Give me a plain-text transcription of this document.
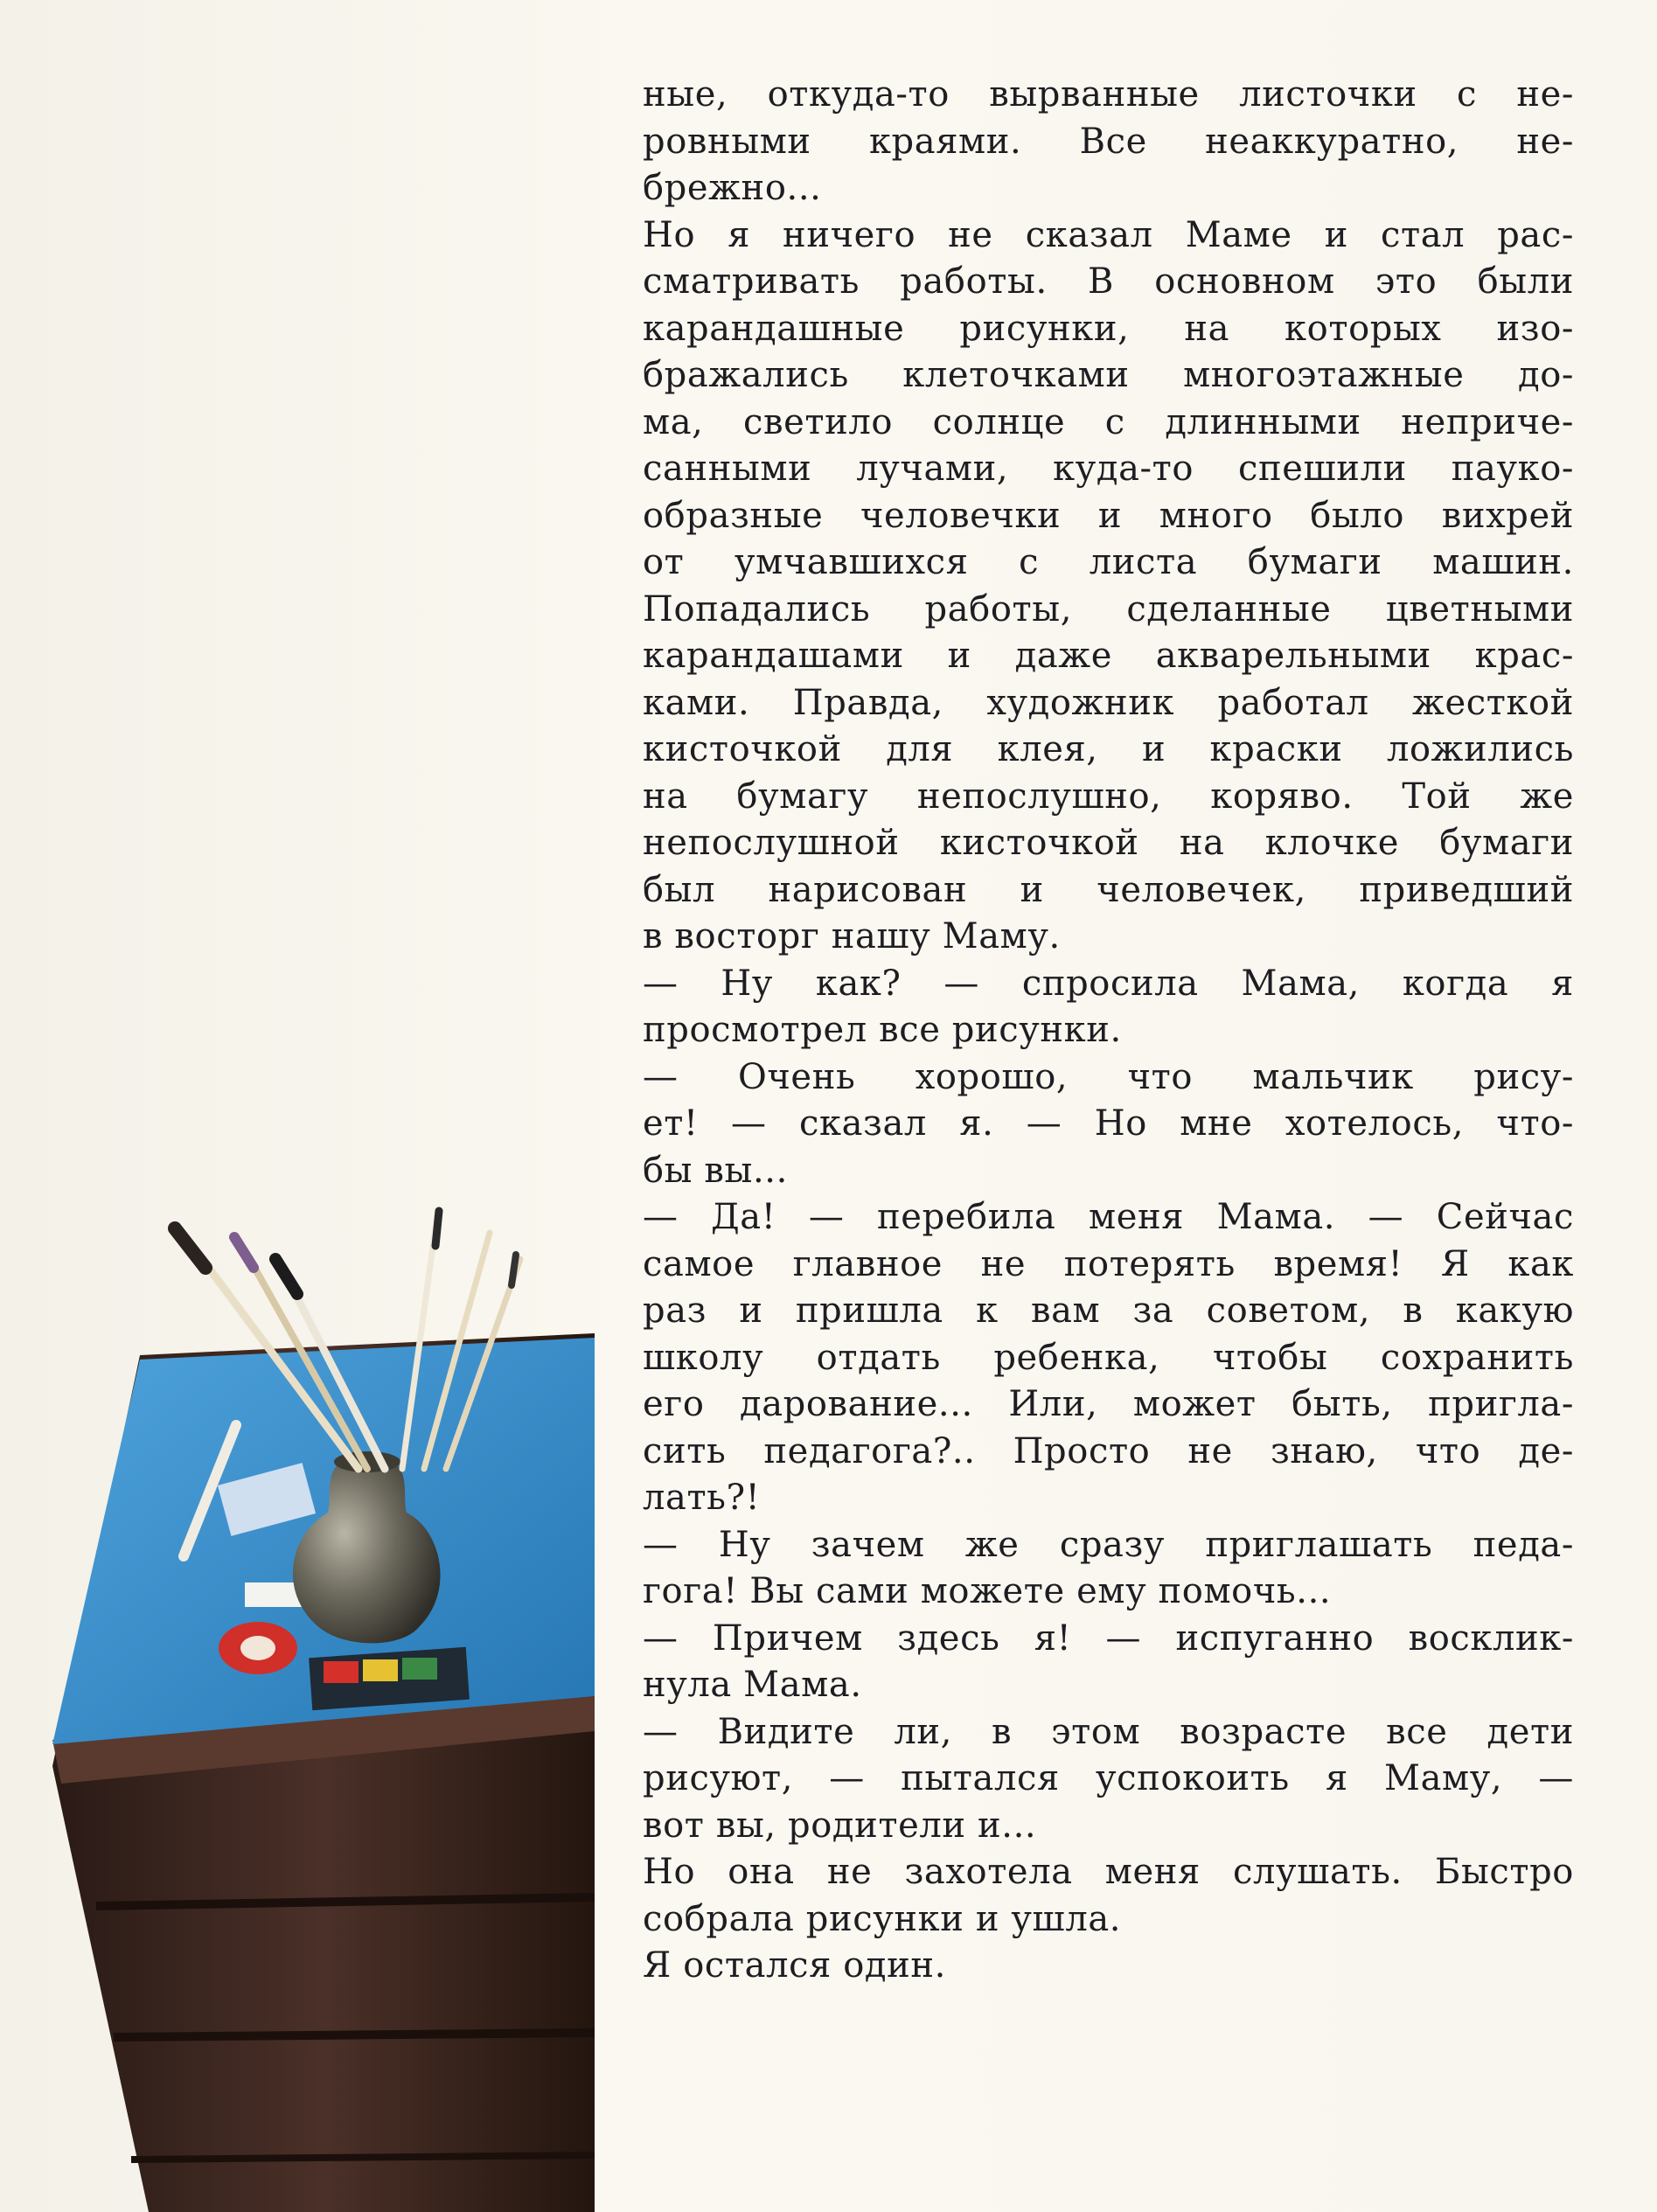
ные, откуда-то вырванные листочки с не-
ровными краями. Все неаккуратно, не-
брежно...
Но я ничего не сказал Маме и стал рас-
сматривать работы. В основном это были
карандашные рисунки, на которых изо-
бражались клеточками многоэтажные до-
ма, светило солнце с длинными неприче-
санными лучами, куда-то спешили пауко-
образные человечки и много было вихрей
от умчавшихся с листа бумаги машин.
Попадались работы, сделанные цветными
карандашами и даже акварельными крас-
ками. Правда, художник работал жесткой
кисточкой для клея, и краски ложились
на бумагу непослушно, коряво. Той же
непослушной кисточкой на клочке бумаги
был нарисован и человечек, приведший
в восторг нашу Маму.
— Ну как? — спросила Мама, когда я
просмотрел все рисунки.
— Очень хорошо, что мальчик рису-
ет! — сказал я. — Но мне хотелось, что-
бы вы...
— Да! — перебила меня Мама. — Сейчас
самое главное не потерять время! Я как
раз и пришла к вам за советом, в какую
школу отдать ребенка, чтобы сохранить
его дарование... Или, может быть, пригла-
сить педагога?.. Просто не знаю, что де-
лать?!
— Ну зачем же сразу приглашать педа-
гога! Вы сами можете ему помочь...
— Причем здесь я! — испуганно восклик-
нула Мама.
— Видите ли, в этом возрасте все дети
рисуют, — пытался успокоить я Маму, —
вот вы, родители и...
Но она не захотела меня слушать. Быстро
собрала рисунки и ушла.
Я остался один.
